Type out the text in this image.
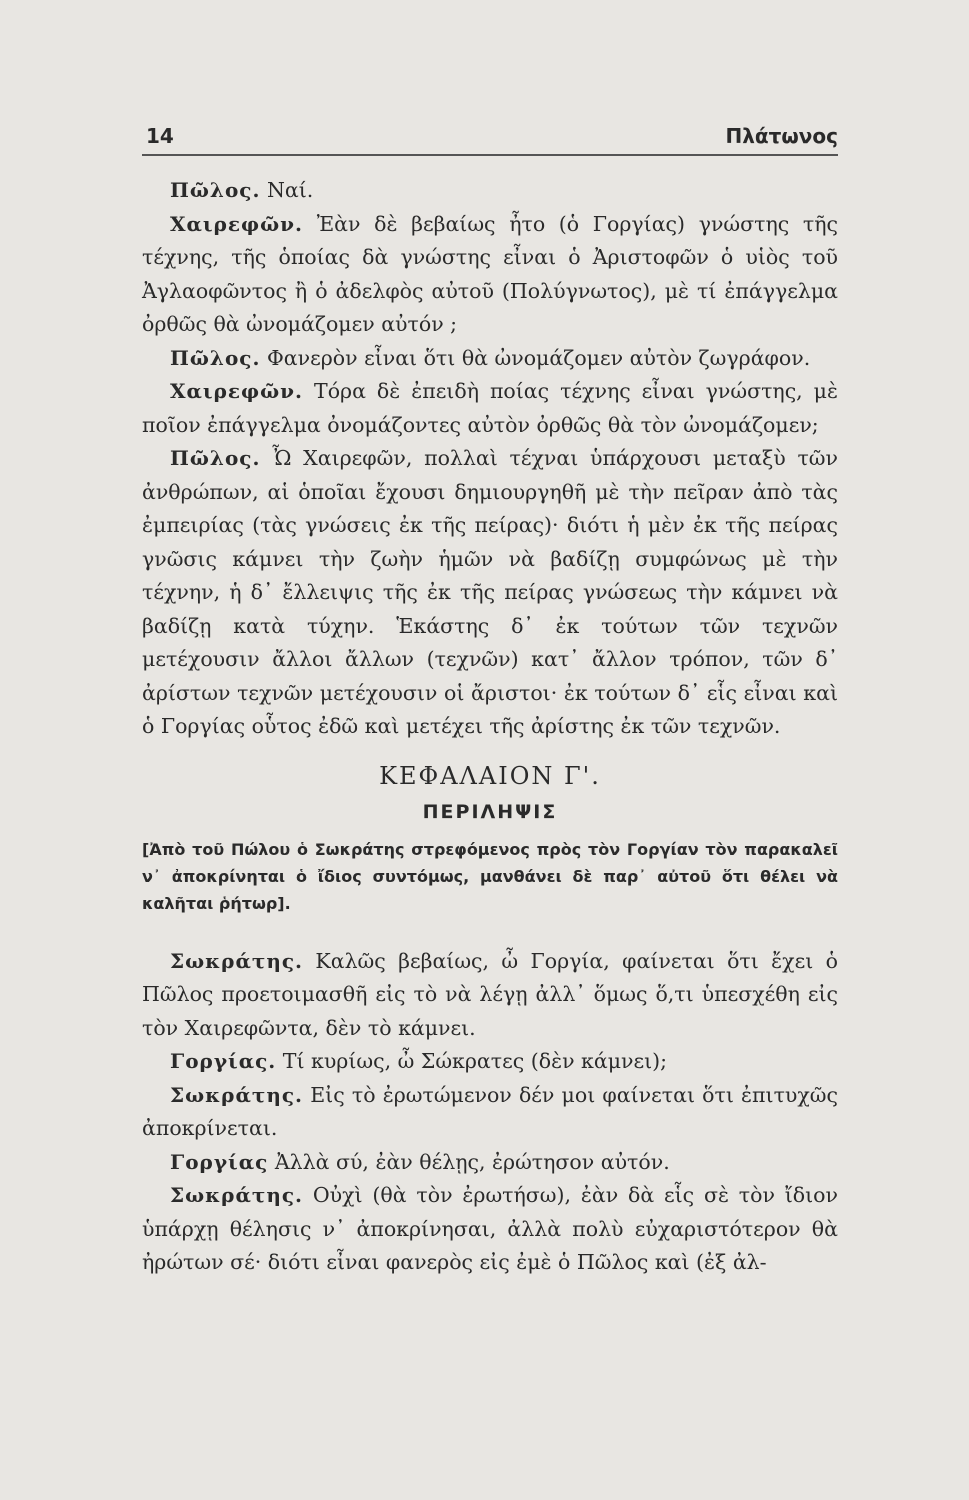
14	Πλάτωνος

Πῶλος. Ναί.

Χαιρεφῶν. Ἐὰν δὲ βεβαίως ἦτο (ὁ Γοργίας) γνώστης τῆς τέχνης, τῆς ὁποίας δὰ γνώστης εἶναι ὁ Ἀριστοφῶν ὁ υἱὸς τοῦ Ἀγλαοφῶντος ἢ ὁ ἀδελφὸς αὐτοῦ (Πολύγνωτος), μὲ τί ἐπάγγελμα ὀρθῶς θὰ ὠνομάζομεν αὐτόν ;

Πῶλος. Φανερὸν εἶναι ὅτι θὰ ὠνομάζομεν αὐτὸν ζωγράφον.

Χαιρεφῶν. Τόρα δὲ ἐπειδὴ ποίας τέχνης εἶναι γνώστης, μὲ ποῖον ἐπάγγελμα ὀνομάζοντες αὐτὸν ὀρθῶς θὰ τὸν ὠνομάζομεν;

Πῶλος. Ὦ Χαιρεφῶν, πολλαὶ τέχναι ὑπάρχουσι μεταξὺ τῶν ἀνθρώπων, αἱ ὁποῖαι ἔχουσι δημιουργηθῆ μὲ τὴν πεῖραν ἀπὸ τὰς ἐμπειρίας (τὰς γνώσεις ἐκ τῆς πείρας)· διότι ἡ μὲν ἐκ τῆς πείρας γνῶσις κάμνει τὴν ζωὴν ἡμῶν νὰ βαδίζῃ συμφώνως μὲ τὴν τέχνην, ἡ δ᾽ ἔλλειψις τῆς ἐκ τῆς πείρας γνώσεως τὴν κάμνει νὰ βαδίζῃ κατὰ τύχην. Ἑκάστης δ᾽ ἐκ τούτων τῶν τεχνῶν μετέχουσιν ἄλλοι ἄλλων (τεχνῶν) κατ᾽ ἄλλον τρόπον, τῶν δ᾽ ἀρίστων τεχνῶν μετέχουσιν οἱ ἄριστοι· ἐκ τούτων δ᾽ εἷς εἶναι καὶ ὁ Γοργίας οὗτος ἐδῶ καὶ μετέχει τῆς ἀρίστης ἐκ τῶν τεχνῶν.

ΚΕΦΑΛΑΙΟΝ Γ'.
ΠΕΡΙΛΗΨΙΣ
[Ἀπὸ τοῦ Πώλου ὁ Σωκράτης στρεφόμενος πρὸς τὸν Γοργίαν τὸν παρακαλεῖ ν᾽ ἀποκρίνηται ὁ ἴδιος συντόμως, μανθάνει δὲ παρ᾽ αὐτοῦ ὅτι θέλει νὰ καλῆται ῥήτωρ].

Σωκράτης. Καλῶς βεβαίως, ὦ Γοργία, φαίνεται ὅτι ἔχει ὁ Πῶλος προετοιμασθῆ εἰς τὸ νὰ λέγῃ ἀλλ᾽ ὅμως ὅ,τι ὑπεσχέθη εἰς τὸν Χαιρεφῶντα, δὲν τὸ κάμνει.

Γοργίας. Τί κυρίως, ὦ Σώκρατες (δὲν κάμνει);

Σωκράτης. Εἰς τὸ ἐρωτώμενον δέν μοι φαίνεται ὅτι ἐπιτυχῶς ἀποκρίνεται.

Γοργίας Ἀλλὰ σύ, ἐὰν θέλῃς, ἐρώτησον αὐτόν.

Σωκράτης. Οὐχὶ (θὰ τὸν ἐρωτήσω), ἐὰν δὰ εἷς σὲ τὸν ἴδιον ὑπάρχῃ θέλησις ν᾽ ἀποκρίνησαι, ἀλλὰ πολὺ εὐχαριστότερον θὰ ἠρώτων σέ· διότι εἶναι φανερὸς εἰς ἐμὲ ὁ Πῶλος καὶ (ἐξ ἀλ-
